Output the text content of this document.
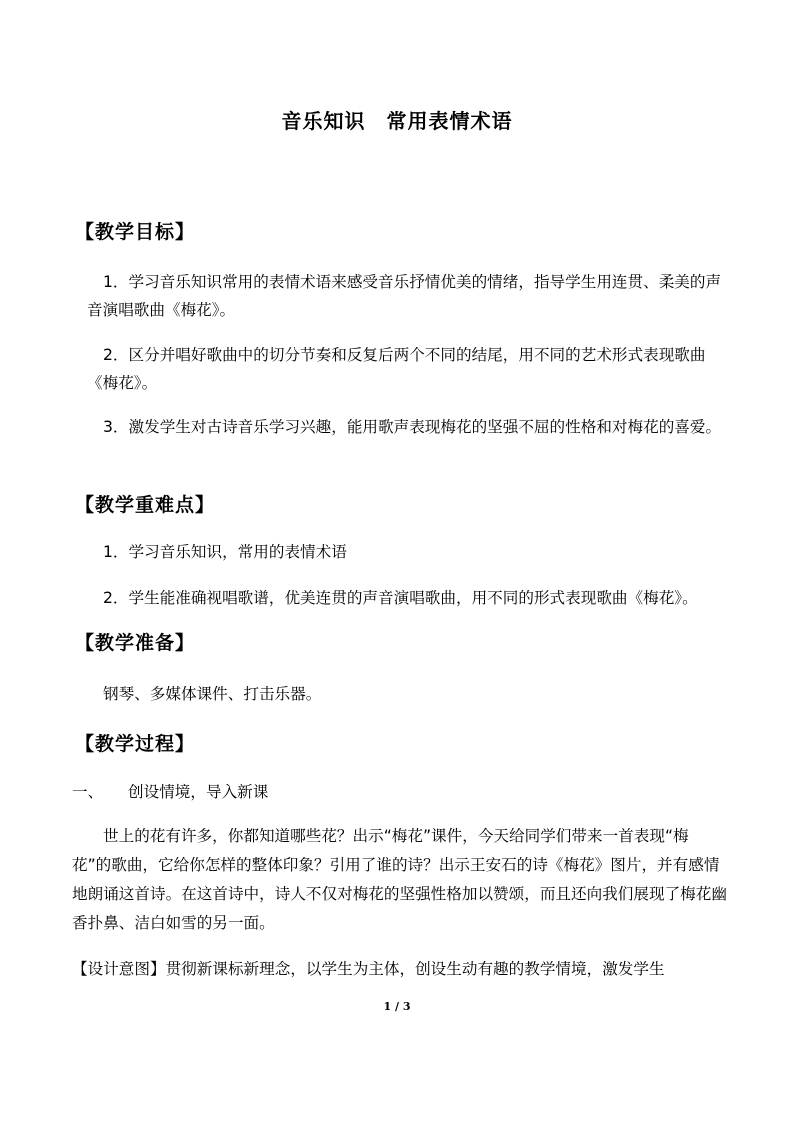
音乐知识　常用表情术语
【教学目标】
1．学习音乐知识常用的表情术语来感受音乐抒情优美的情绪，指导学生用连贯、柔美的声音演唱歌曲《梅花》。
2．区分并唱好歌曲中的切分节奏和反复后两个不同的结尾，用不同的艺术形式表现歌曲《梅花》。
3．激发学生对古诗音乐学习兴趣，能用歌声表现梅花的坚强不屈的性格和对梅花的喜爱。
【教学重难点】
1．学习音乐知识，常用的表情术语
2．学生能准确视唱歌谱，优美连贯的声音演唱歌曲，用不同的形式表现歌曲《梅花》。
【教学准备】
钢琴、多媒体课件、打击乐器。
【教学过程】
一、 创设情境，导入新课
世上的花有许多，你都知道哪些花？出示“梅花”课件，今天给同学们带来一首表现“梅花”的歌曲，它给你怎样的整体印象？引用了谁的诗？出示王安石的诗《梅花》图片，并有感情地朗诵这首诗。在这首诗中，诗人不仅对梅花的坚强性格加以赞颂，而且还向我们展现了梅花幽香扑鼻、洁白如雪的另一面。
【设计意图】贯彻新课标新理念，以学生为主体，创设生动有趣的教学情境，激发学生
1 / 3
